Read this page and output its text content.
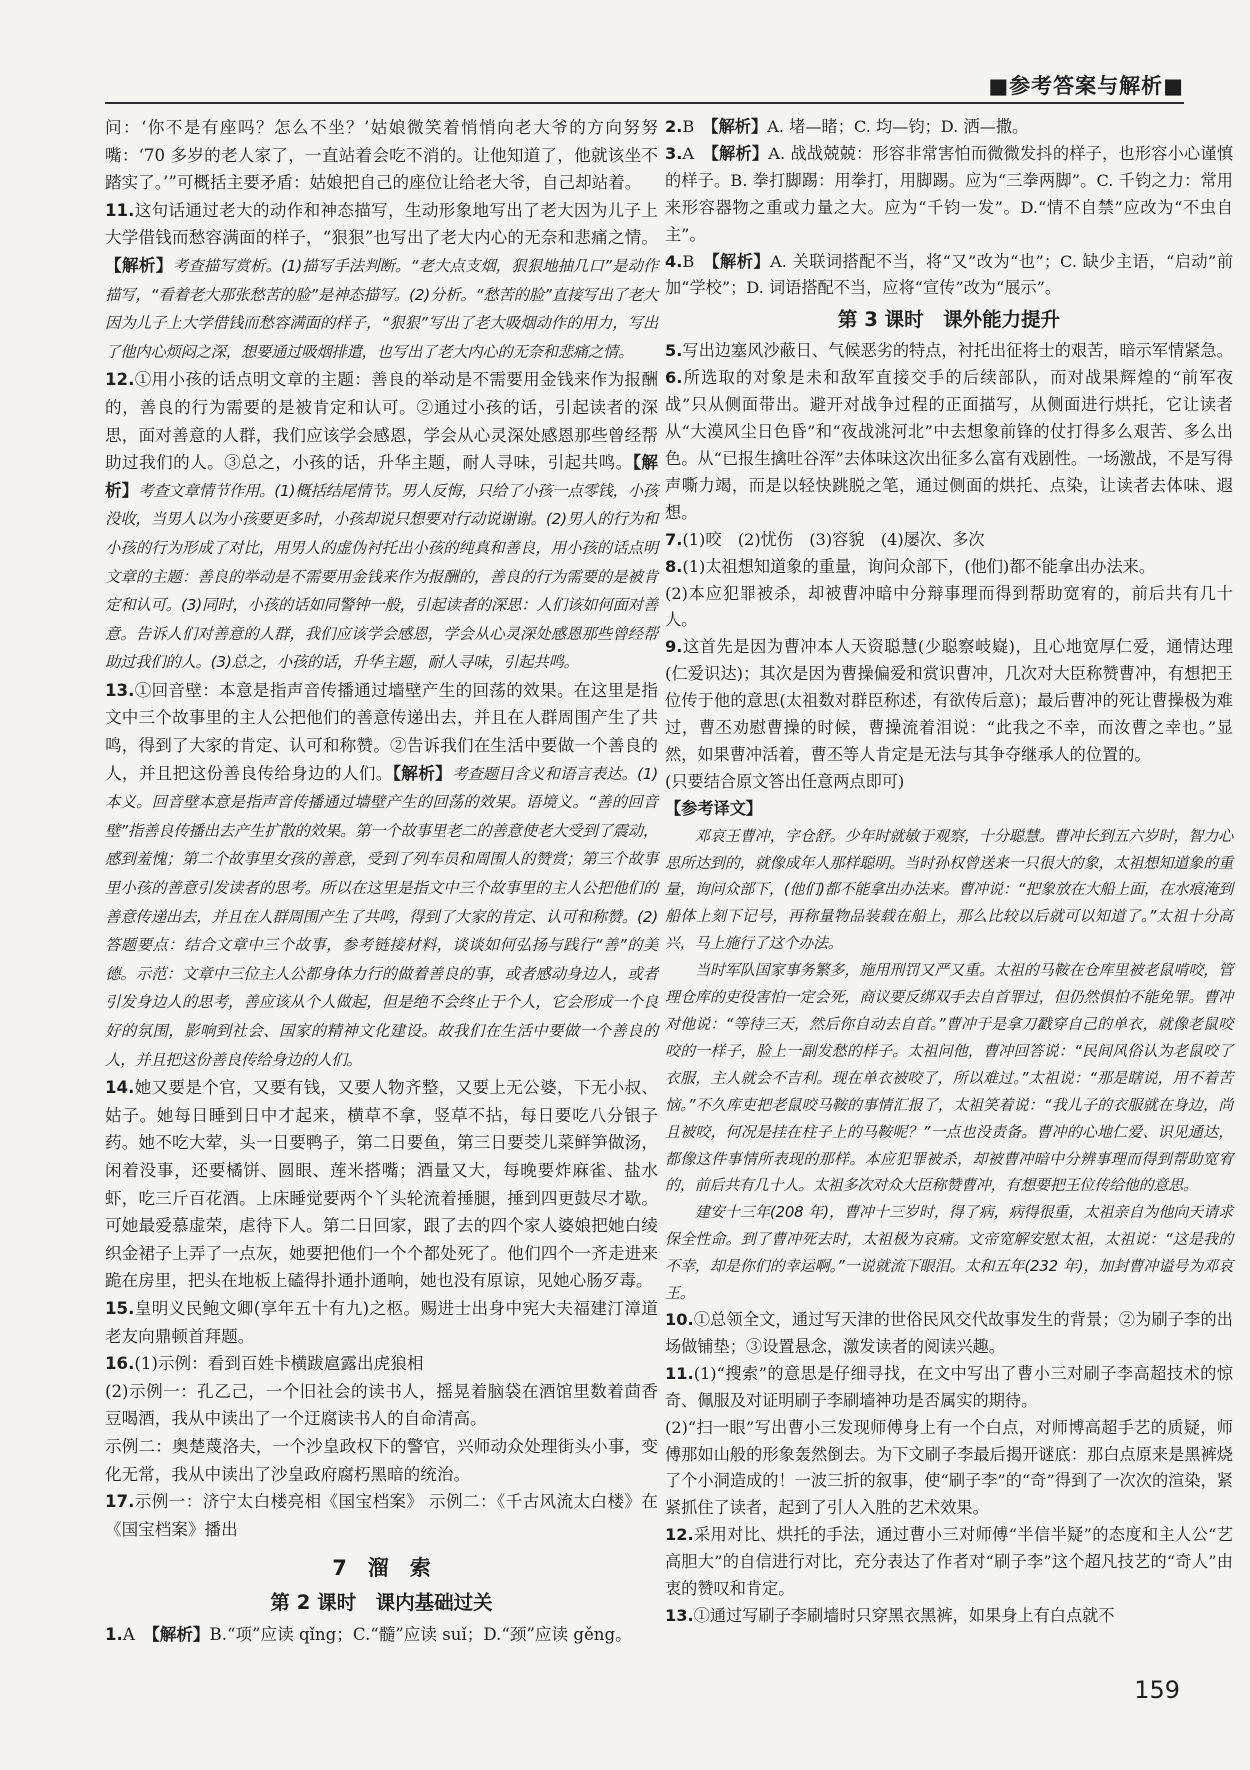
■参考答案与解析■

问：‘你不是有座吗？怎么不坐？’姑娘微笑着悄悄向老大爷的方向努努嘴：‘70 多岁的老人家了，一直站着会吃不消的。让他知道了，他就该坐不踏实了。’”可概括主要矛盾：姑娘把自己的座位让给老大爷，自己却站着。

11.这句话通过老大的动作和神态描写，生动形象地写出了老大因为儿子上大学借钱而愁容满面的样子，“狠狠”也写出了老大内心的无奈和悲痛之情。【解析】考查描写赏析。(1)描写手法判断。“老大点支烟，狠狠地抽几口”是动作描写，“看着老大那张愁苦的脸”是神态描写。(2)分析。“愁苦的脸”直接写出了老大因为儿子上大学借钱而愁容满面的样子，“狠狠”写出了老大吸烟动作的用力，写出了他内心烦闷之深，想要通过吸烟排遣，也写出了老大内心的无奈和悲痛之情。

12.①用小孩的话点明文章的主题：善良的举动是不需要用金钱来作为报酬的，善良的行为需要的是被肯定和认可。②通过小孩的话，引起读者的深思，面对善意的人群，我们应该学会感恩，学会从心灵深处感恩那些曾经帮助过我们的人。③总之，小孩的话，升华主题，耐人寻味，引起共鸣。【解析】考查文章情节作用。(1)概括结尾情节。男人反悔，只给了小孩一点零钱，小孩没收，当男人以为小孩要更多时，小孩却说只想要对行动说谢谢。(2)男人的行为和小孩的行为形成了对比，用男人的虚伪衬托出小孩的纯真和善良，用小孩的话点明文章的主题：善良的举动是不需要用金钱来作为报酬的，善良的行为需要的是被肯定和认可。(3)同时，小孩的话如同警钟一般，引起读者的深思：人们该如何面对善意。告诉人们对善意的人群，我们应该学会感恩，学会从心灵深处感恩那些曾经帮助过我们的人。(3)总之，小孩的话，升华主题，耐人寻味，引起共鸣。

13.①回音壁：本意是指声音传播通过墙壁产生的回荡的效果。在这里是指文中三个故事里的主人公把他们的善意传递出去，并且在人群周围产生了共鸣，得到了大家的肯定、认可和称赞。②告诉我们在生活中要做一个善良的人，并且把这份善良传给身边的人们。【解析】考查题目含义和语言表达。(1)本义。回音壁本意是指声音传播通过墙壁产生的回荡的效果。语境义。“善的回音壁”指善良传播出去产生扩散的效果。第一个故事里老二的善意使老大受到了震动，感到羞愧；第二个故事里女孩的善意，受到了列车员和周围人的赞赏；第三个故事里小孩的善意引发读者的思考。所以在这里是指文中三个故事里的主人公把他们的善意传递出去，并且在人群周围产生了共鸣，得到了大家的肯定、认可和称赞。(2)答题要点：结合文章中三个故事，参考链接材料，谈谈如何弘扬与践行“善”的美德。示范：文章中三位主人公都身体力行的做着善良的事，或者感动身边人，或者引发身边人的思考，善应该从个人做起，但是绝不会终止于个人，它会形成一个良好的氛围，影响到社会、国家的精神文化建设。故我们在生活中要做一个善良的人，并且把这份善良传给身边的人们。

14.她又要是个官，又要有钱，又要人物齐整，又要上无公婆，下无小叔、姑子。她每日睡到日中才起来，横草不拿，竖草不拈，每日要吃八分银子药。她不吃大荤，头一日要鸭子，第二日要鱼，第三日要茭儿菜鲜笋做汤，闲着没事，还要橘饼、圆眼、莲米搭嘴；酒量又大，每晚要炸麻雀、盐水虾，吃三斤百花酒。上床睡觉要两个丫头轮流着捶腿，捶到四更鼓尽才歇。可她最爱慕虚荣，虐待下人。第二日回家，跟了去的四个家人婆娘把她白绫织金裙子上弄了一点灰，她要把他们一个个都处死了。他们四个一齐走进来跪在房里，把头在地板上磕得扑通扑通响，她也没有原谅，见她心肠歹毒。

15.皇明义民鲍文卿(享年五十有九)之柩。赐进士出身中宪大夫福建汀漳道老友向鼎顿首拜题。

16.(1)示例：看到百姓卡横跋扈露出虎狼相

(2)示例一：孔乙己，一个旧社会的读书人，摇晃着脑袋在酒馆里数着茴香豆喝酒，我从中读出了一个迂腐读书人的自命清高。

示例二：奥楚蔑洛夫，一个沙皇政权下的警官，兴师动众处理街头小事，变化无常，我从中读出了沙皇政府腐朽黑暗的统治。

17.示例一：济宁太白楼亮相《国宝档案》 示例二：《千古风流太白楼》在《国宝档案》播出

7　溜　索
第 2 课时　课内基础过关

1.A　 【解析】B.“项”应读 qǐng；C.“髓”应读 suǐ；D.“颈”应读 gěng。

2.B　 【解析】A. 堵—睹；C. 均—钧；D. 洒—撒。

3.A　 【解析】A. 战战兢兢：形容非常害怕而微微发抖的样子，也形容小心谨慎的样子。B. 拳打脚踢：用拳打，用脚踢。应为“三拳两脚”。C. 千钧之力：常用来形容器物之重或力量之大。应为“千钧一发”。D.“情不自禁”应改为“不虫自主”。

4.B　 【解析】A. 关联词搭配不当，将“又”改为“也”；C. 缺少主语，“启动”前加“学校”；D. 词语搭配不当，应将“宣传”改为“展示”。

第 3 课时　课外能力提升

5.写出边塞风沙蔽日、气候恶劣的特点，衬托出征将士的艰苦，暗示军情紧急。

6.所选取的对象是未和敌军直接交手的后续部队，而对战果辉煌的“前军夜战”只从侧面带出。避开对战争过程的正面描写，从侧面进行烘托，它让读者从“大漠风尘日色昏”和“夜战洮河北”中去想象前锋的仗打得多么艰苦、多么出色。从“已报生擒吐谷浑”去体味这次出征多么富有戏剧性。一场激战，不是写得声嘶力竭，而是以轻快跳脱之笔，通过侧面的烘托、点染，让读者去体味、遐想。

7.(1)咬　(2)忧伤　(3)容貌　(4)屡次、多次

8.(1)太祖想知道象的重量，询问众部下，(他们)都不能拿出办法来。

(2)本应犯罪被杀，却被曹冲暗中分辩事理而得到帮助宽宥的，前后共有几十人。

9.这首先是因为曹冲本人天资聪慧(少聪察岐嶷)，且心地宽厚仁爱，通情达理(仁爱识达)；其次是因为曹操偏爱和赏识曹冲，几次对大臣称赞曹冲，有想把王位传于他的意思(太祖数对群臣称述，有欲传后意)；最后曹冲的死让曹操极为难过，曹丕劝慰曹操的时候，曹操流着泪说：“此我之不幸，而汝曹之幸也。”显然，如果曹冲活着，曹丕等人肯定是无法与其争夺继承人的位置的。

(只要结合原文答出任意两点即可)

【参考译文】

邓哀王曹冲，字仓舒。少年时就敏于观察，十分聪慧。曹冲长到五六岁时，智力心思所达到的，就像成年人那样聪明。当时孙权曾送来一只很大的象，太祖想知道象的重量，询问众部下，(他们)都不能拿出办法来。曹冲说：“把象放在大船上面，在水痕淹到船体上刻下记号，再称量物品装载在船上，那么比较以后就可以知道了。”太祖十分高兴，马上施行了这个办法。

当时军队国家事务繁多，施用刑罚又严又重。太祖的马鞍在仓库里被老鼠啃咬，管理仓库的吏役害怕一定会死，商议要反绑双手去自首罪过，但仍然惧怕不能免罪。曹冲对他说：“等待三天，然后你自动去自首。”曹冲于是拿刀戳穿自己的单衣，就像老鼠咬咬的一样子，脸上一副发愁的样子。太祖问他，曹冲回答说：“民间风俗认为老鼠咬了衣服，主人就会不吉利。现在单衣被咬了，所以难过。”太祖说：“那是瞎说，用不着苦恼。”不久库吏把老鼠咬马鞍的事情汇报了，太祖笑着说：“我儿子的衣服就在身边，尚且被咬，何况是挂在柱子上的马鞍呢？”一点也没责备。曹冲的心地仁爱、识见通达，都像这件事情所表现的那样。本应犯罪被杀，却被曹冲暗中分辨事理而得到帮助宽宥的，前后共有几十人。太祖多次对众大臣称赞曹冲，有想要把王位传给他的意思。

建安十三年(208 年)，曹冲十三岁时，得了病，病得很重，太祖亲自为他向天请求保全性命。到了曹冲死去时，太祖极为哀痛。文帝宽解安慰太祖，太祖说：“这是我的不幸，却是你们的幸运啊。”一说就流下眼泪。太和五年(232 年)，加封曹冲谥号为邓哀王。

10.①总领全文，通过写天津的世俗民风交代故事发生的背景；②为刷子李的出场做铺垫；③设置悬念，激发读者的阅读兴趣。

11.(1)“搜索”的意思是仔细寻找，在文中写出了曹小三对刷子李高超技术的惊奇、佩服及对证明刷子李刷墙神功是否属实的期待。

(2)“扫一眼”写出曹小三发现师傅身上有一个白点，对师博高超手艺的质疑，师傅那如山般的形象轰然倒去。为下文刷子李最后揭开谜底：那白点原来是黑裤烧了个小洞造成的！一波三折的叙事，使“刷子李”的“奇”得到了一次次的渲染，紧紧抓住了读者，起到了引人入胜的艺术效果。

12.采用对比、烘托的手法，通过曹小三对师傅“半信半疑”的态度和主人公“艺高胆大”的自信进行对比，充分表达了作者对“刷子李”这个超凡技艺的“奇人”由衷的赞叹和肯定。

13.①通过写刷子李刷墙时只穿黑衣黑裤，如果身上有白点就不

159
